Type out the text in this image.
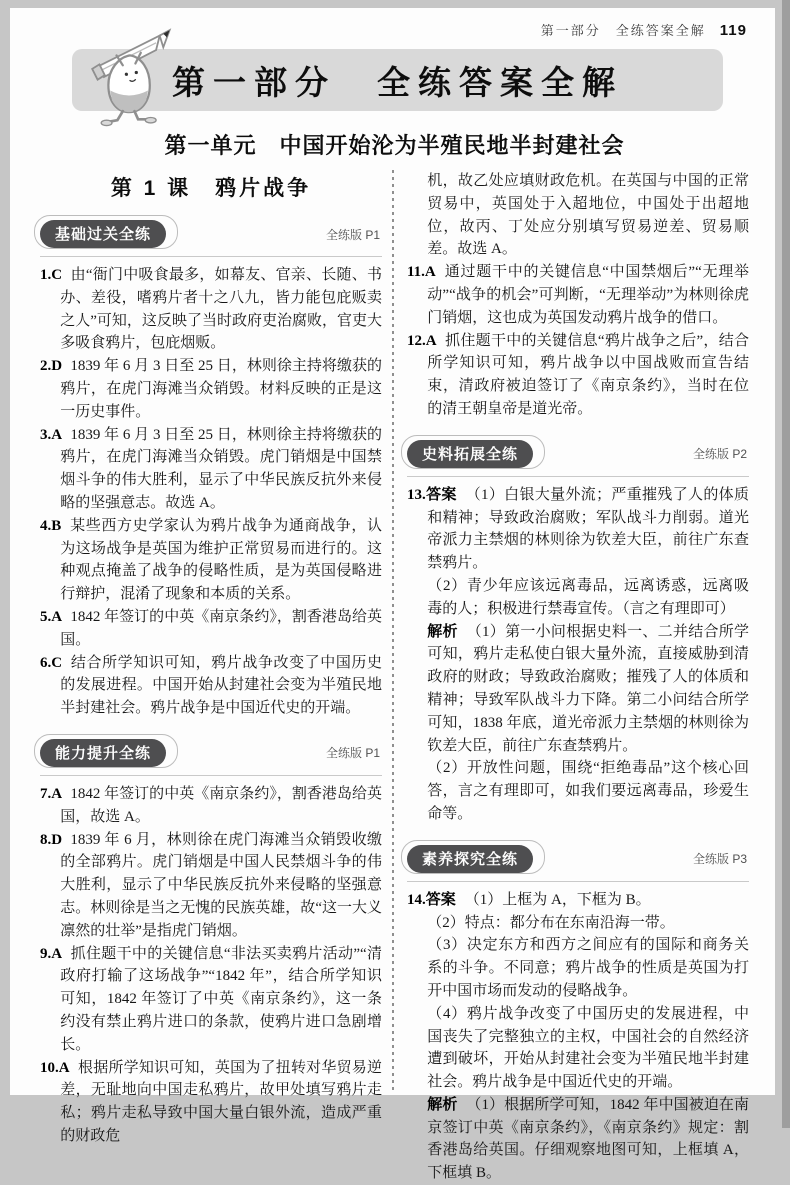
第一部分　全练答案全解 119
第一部分　全练答案全解
第一单元　中国开始沦为半殖民地半封建社会
第 1 课　鸦片战争
基础过关全练	全练版 P1

1.C 由“衙门中吸食最多，如幕友、官亲、长随、书办、差役，嗜鸦片者十之八九，皆力能包庇贩卖之人”可知，这反映了当时政府吏治腐败，官吏大多吸食鸦片，包庇烟贩。

2.D 1839 年 6 月 3 日至 25 日，林则徐主持将缴获的鸦片，在虎门海滩当众销毁。材料反映的正是这一历史事件。

3.A 1839 年 6 月 3 日至 25 日，林则徐主持将缴获的鸦片，在虎门海滩当众销毁。虎门销烟是中国禁烟斗争的伟大胜利，显示了中华民族反抗外来侵略的坚强意志。故选 A。

4.B 某些西方史学家认为鸦片战争为通商战争，认为这场战争是英国为维护正常贸易而进行的。这种观点掩盖了战争的侵略性质，是为英国侵略进行辩护，混淆了现象和本质的关系。

5.A 1842 年签订的中英《南京条约》，割香港岛给英国。

6.C 结合所学知识可知，鸦片战争改变了中国历史的发展进程。中国开始从封建社会变为半殖民地半封建社会。鸦片战争是中国近代史的开端。

能力提升全练	全练版 P1

7.A 1842 年签订的中英《南京条约》，割香港岛给英国，故选 A。

8.D 1839 年 6 月，林则徐在虎门海滩当众销毁收缴的全部鸦片。虎门销烟是中国人民禁烟斗争的伟大胜利，显示了中华民族反抗外来侵略的坚强意志。林则徐是当之无愧的民族英雄，故“这一大义凛然的壮举”是指虎门销烟。

9.A 抓住题干中的关键信息“非法买卖鸦片活动”“清政府打输了这场战争”“1842 年”，结合所学知识可知，1842 年签订了中英《南京条约》，这一条约没有禁止鸦片进口的条款，使鸦片进口急剧增长。

10.A 根据所学知识可知，英国为了扭转对华贸易逆差，无耻地向中国走私鸦片，故甲处填写鸦片走私；鸦片走私导致中国大量白银外流，造成严重的财政危

机，故乙处应填财政危机。在英国与中国的正常贸易中，英国处于入超地位，中国处于出超地位，故丙、丁处应分别填写贸易逆差、贸易顺差。故选 A。

11.A 通过题干中的关键信息“中国禁烟后”“无理举动”“战争的机会”可判断，“无理举动”为林则徐虎门销烟，这也成为英国发动鸦片战争的借口。

12.A 抓住题干中的关键信息“鸦片战争之后”，结合所学知识可知，鸦片战争以中国战败而宣告结束，清政府被迫签订了《南京条约》，当时在位的清王朝皇帝是道光帝。

史料拓展全练	全练版 P2

13.答案 （1）白银大量外流；严重摧残了人的体质和精神；导致政治腐败；军队战斗力削弱。道光帝派力主禁烟的林则徐为钦差大臣，前往广东查禁鸦片。

（2）青少年应该远离毒品，远离诱惑，远离吸毒的人；积极进行禁毒宣传。（言之有理即可）

解析 （1）第一小问根据史料一、二并结合所学可知，鸦片走私使白银大量外流，直接威胁到清政府的财政；导致政治腐败；摧残了人的体质和精神；导致军队战斗力下降。第二小问结合所学可知，1838 年底，道光帝派力主禁烟的林则徐为钦差大臣，前往广东查禁鸦片。

（2）开放性问题，围绕“拒绝毒品”这个核心回答，言之有理即可，如我们要远离毒品，珍爱生命等。

素养探究全练	全练版 P3

14.答案 （1）上框为 A，下框为 B。

（2）特点：都分布在东南沿海一带。

（3）决定东方和西方之间应有的国际和商务关系的斗争。不同意；鸦片战争的性质是英国为打开中国市场而发动的侵略战争。

（4）鸦片战争改变了中国历史的发展进程，中国丧失了完整独立的主权，中国社会的自然经济遭到破坏，开始从封建社会变为半殖民地半封建社会。鸦片战争是中国近代史的开端。

解析 （1）根据所学可知，1842 年中国被迫在南京签订中英《南京条约》，《南京条约》规定：割香港岛给英国。仔细观察地图可知，上框填 A，下框填 B。
